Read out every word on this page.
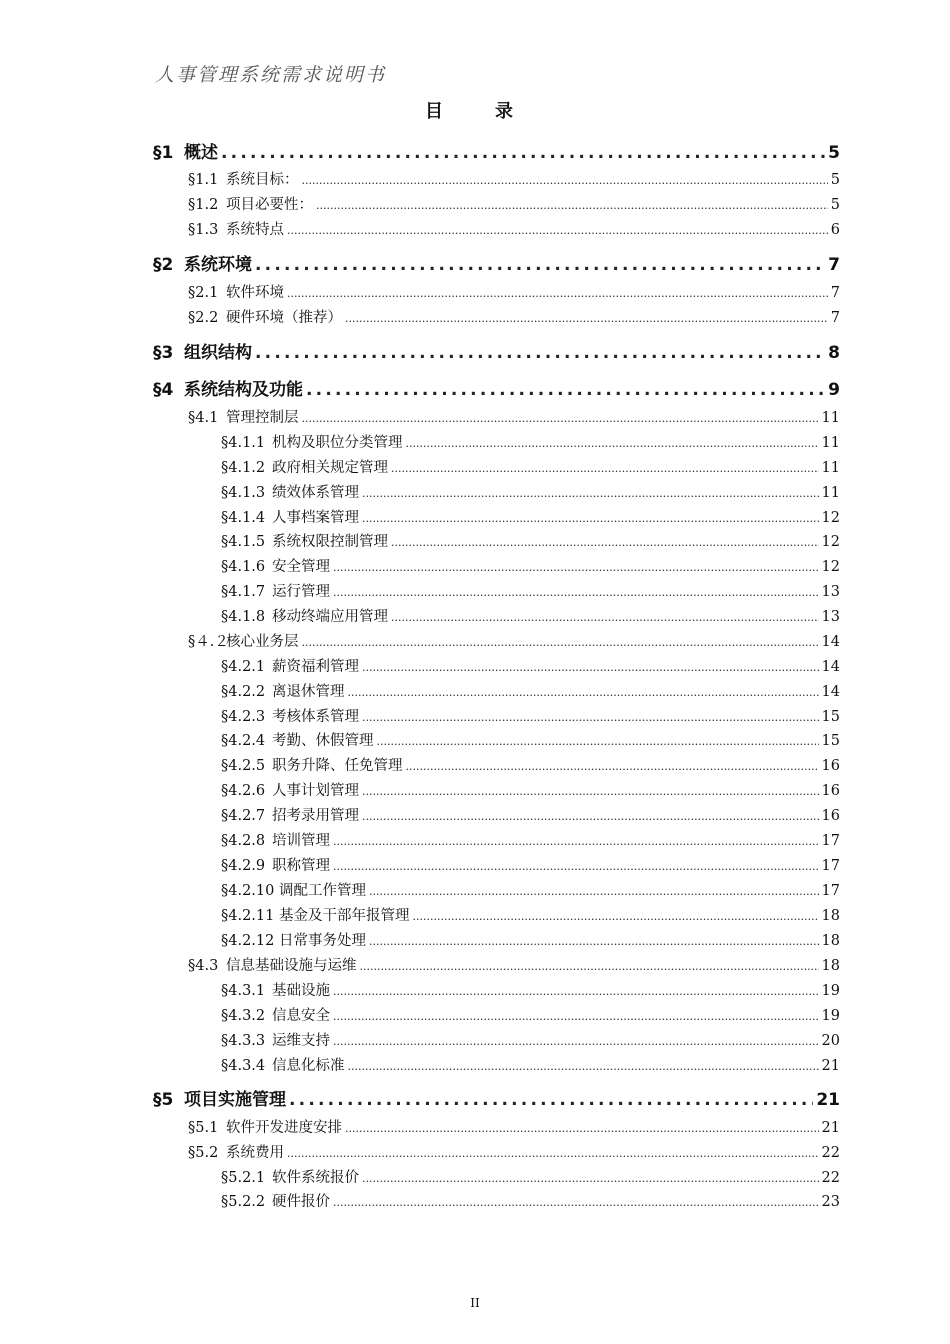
人事管理系统需求说明书
目录
§1 概述 .....	5
§1.1 系统目标： .....	5
§1.2 项目必要性： .....	5
§1.3 系统特点 .....	6
§2 系统环境 .....	7
§2.1 软件环境 .....	7
§2.2 硬件环境（推荐） .....	7
§3 组织结构 .....	8
§4 系统结构及功能 .....	9
§4.1 管理控制层 .....	11
§4.1.1 机构及职位分类管理 .....	11
§4.1.2 政府相关规定管理 .....	11
§4.1.3 绩效体系管理 .....	11
§4.1.4 人事档案管理 .....	12
§4.1.5 系统权限控制管理 .....	12
§4.1.6 安全管理 .....	12
§4.1.7 运行管理 .....	13
§4.1.8 移动终端应用管理 .....	13
§４.２核心业务层 .....	14
§4.2.1 薪资福利管理 .....	14
§4.2.2 离退休管理 .....	14
§4.2.3 考核体系管理 .....	15
§4.2.4 考勤、休假管理 .....	15
§4.2.5 职务升降、任免管理 .....	16
§4.2.6 人事计划管理 .....	16
§4.2.7 招考录用管理 .....	16
§4.2.8 培训管理 .....	17
§4.2.9 职称管理 .....	17
§4.2.10 调配工作管理 .....	17
§4.2.11 基金及干部年报管理 .....	18
§4.2.12 日常事务处理 .....	18
§4.3 信息基础设施与运维 .....	18
§4.3.1 基础设施 .....	19
§4.3.2 信息安全 .....	19
§4.3.3 运维支持 .....	20
§4.3.4 信息化标准 .....	21
§5 项目实施管理 .....	21
§5.1 软件开发进度安排 .....	21
§5.2 系统费用 .....	22
§5.2.1 软件系统报价 .....	22
§5.2.2 硬件报价 .....	23
II
